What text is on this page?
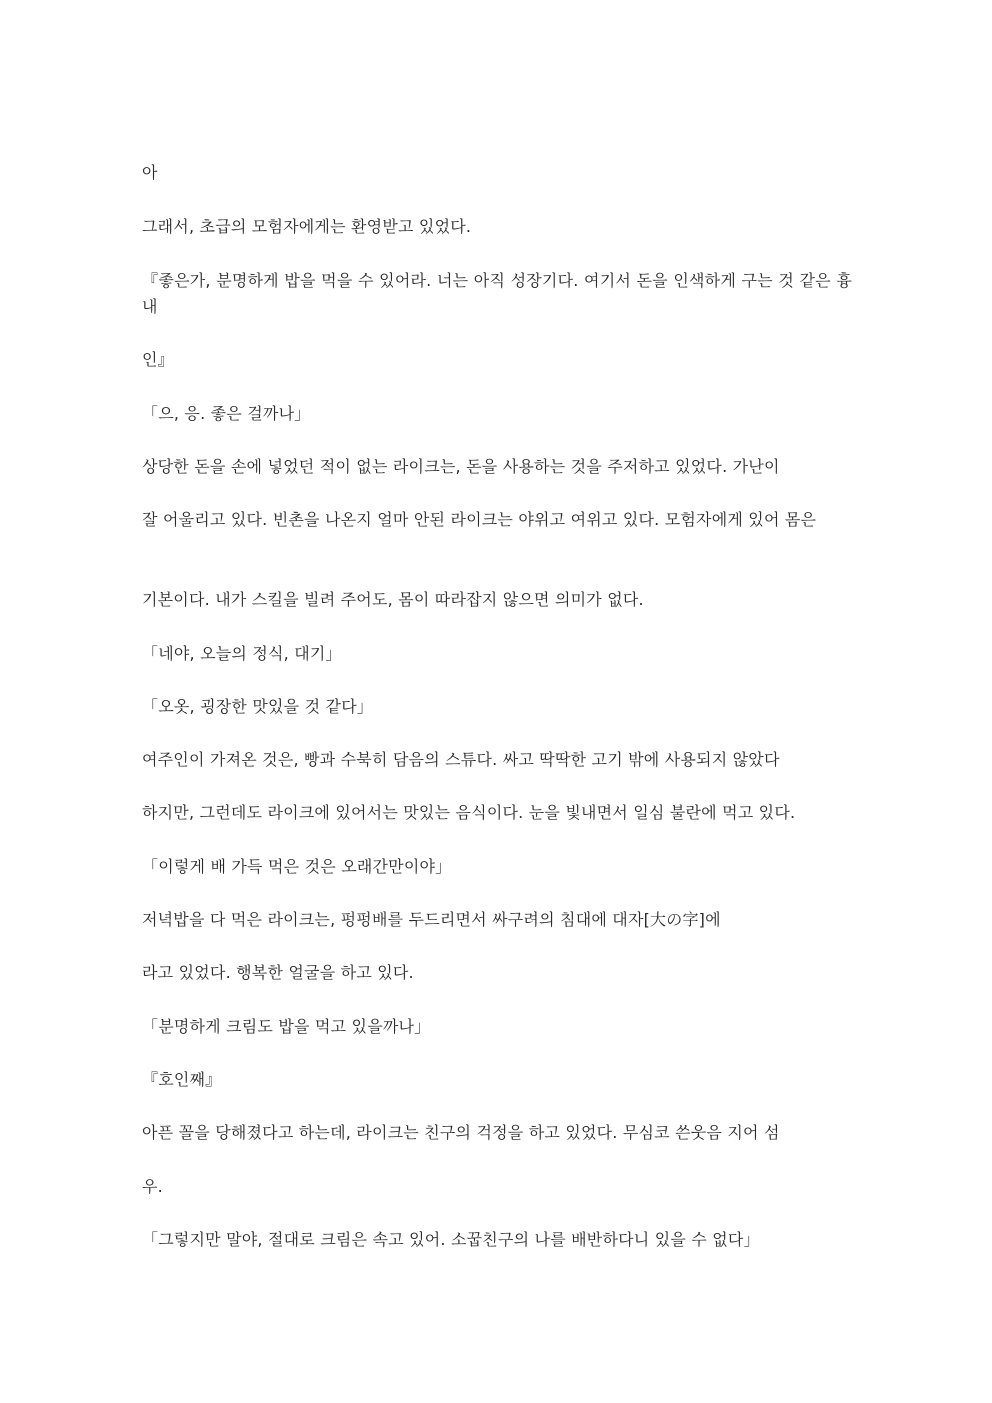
아

그래서, 초급의 모험자에게는 환영받고 있었다.

『좋은가, 분명하게 밥을 먹을 수 있어라. 너는 아직 성장기다. 여기서 돈을 인색하게 구는 것 같은 흉내

인』

「으, 응. 좋은 걸까나」

상당한 돈을 손에 넣었던 적이 없는 라이크는, 돈을 사용하는 것을 주저하고 있었다. 가난이

잘 어울리고 있다. 빈촌을 나온지 얼마 안된 라이크는 야위고 여위고 있다. 모험자에게 있어 몸은

기본이다. 내가 스킬을 빌려 주어도, 몸이 따라잡지 않으면 의미가 없다.

「네야, 오늘의 정식, 대기」

「오옷, 굉장한 맛있을 것 같다」

여주인이 가져온 것은, 빵과 수북히 담음의 스튜다. 싸고 딱딱한 고기 밖에 사용되지 않았다

하지만, 그런데도 라이크에 있어서는 맛있는 음식이다. 눈을 빛내면서 일심 불란에 먹고 있다.

「이렇게 배 가득 먹은 것은 오래간만이야」

저녁밥을 다 먹은 라이크는, 펑펑배를 두드리면서 싸구려의 침대에 대자[大の字]에

라고 있었다. 행복한 얼굴을 하고 있다.

「분명하게 크림도 밥을 먹고 있을까나」

『호인째』

아픈 꼴을 당해졌다고 하는데, 라이크는 친구의 걱정을 하고 있었다. 무심코 쓴웃음 지어 섬

우.

「그렇지만 말야, 절대로 크림은 속고 있어. 소꿉친구의 나를 배반하다니 있을 수 없다」
